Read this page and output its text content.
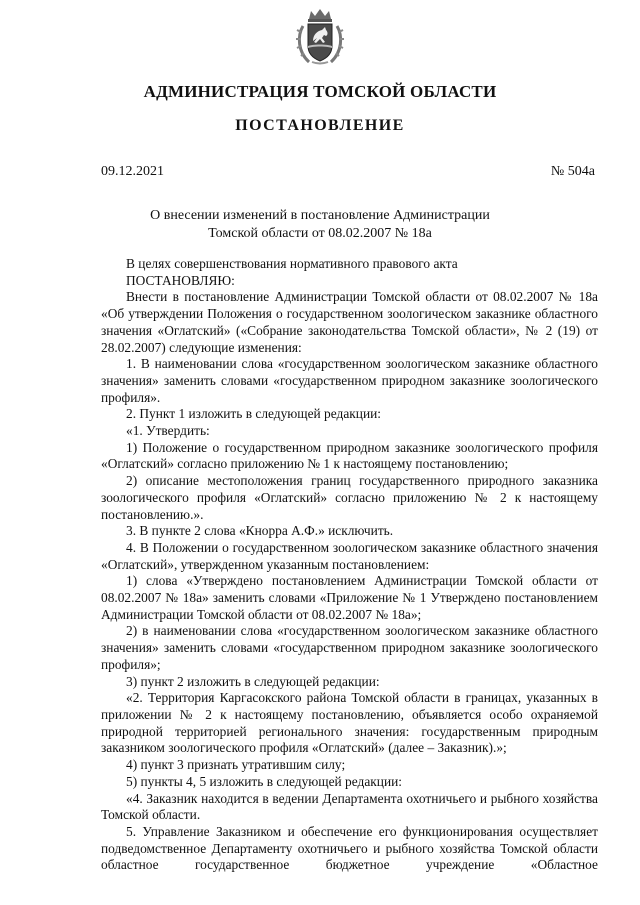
АДМИНИСТРАЦИЯ ТОМСКОЙ ОБЛАСТИ
ПОСТАНОВЛЕНИЕ
09.12.2021	№ 504а
О внесении изменений в постановление Администрации
Томской области от 08.02.2007 № 18а

В целях совершенствования нормативного правового акта

ПОСТАНОВЛЯЮ:

Внести в постановление Администрации Томской области от 08.02.2007 № 18а «Об утверждении Положения о государственном зоологическом заказнике областного значения «Оглатский» («Собрание законодательства Томской области», № 2 (19) от 28.02.2007) следующие изменения:

1. В наименовании слова «государственном зоологическом заказнике областного значения» заменить словами «государственном природном заказнике зоологического профиля».

2. Пункт 1 изложить в следующей редакции:

«1. Утвердить:

1) Положение о государственном природном заказнике зоологического профиля «Оглатский» согласно приложению № 1 к настоящему постановлению;

2) описание местоположения границ государственного природного заказника зоологического профиля «Оглатский» согласно приложению № 2 к настоящему постановлению.».

3. В пункте 2 слова «Кнорра А.Ф.» исключить.

4. В Положении о государственном зоологическом заказнике областного значения «Оглатский», утвержденном указанным постановлением:

1) слова «Утверждено постановлением Администрации Томской области от 08.02.2007 № 18а» заменить словами «Приложение № 1 Утверждено постановлением Администрации Томской области от 08.02.2007 № 18а»;

2) в наименовании слова «государственном зоологическом заказнике областного значения» заменить словами «государственном природном заказнике зоологического профиля»;

3) пункт 2 изложить в следующей редакции:

«2. Территория Каргасокского района Томской области в границах, указанных в приложении № 2 к настоящему постановлению, объявляется особо охраняемой природной территорией регионального значения: государственным природным заказником зоологического профиля «Оглатский» (далее – Заказник).»;

4) пункт 3 признать утратившим силу;

5) пункты 4, 5 изложить в следующей редакции:

«4. Заказник находится в ведении Департамента охотничьего и рыбного хозяйства Томской области.

5. Управление Заказником и обеспечение его функционирования осуществляет подведомственное Департаменту охотничьего и рыбного хозяйства Томской области областное государственное бюджетное учреждение «Областное
